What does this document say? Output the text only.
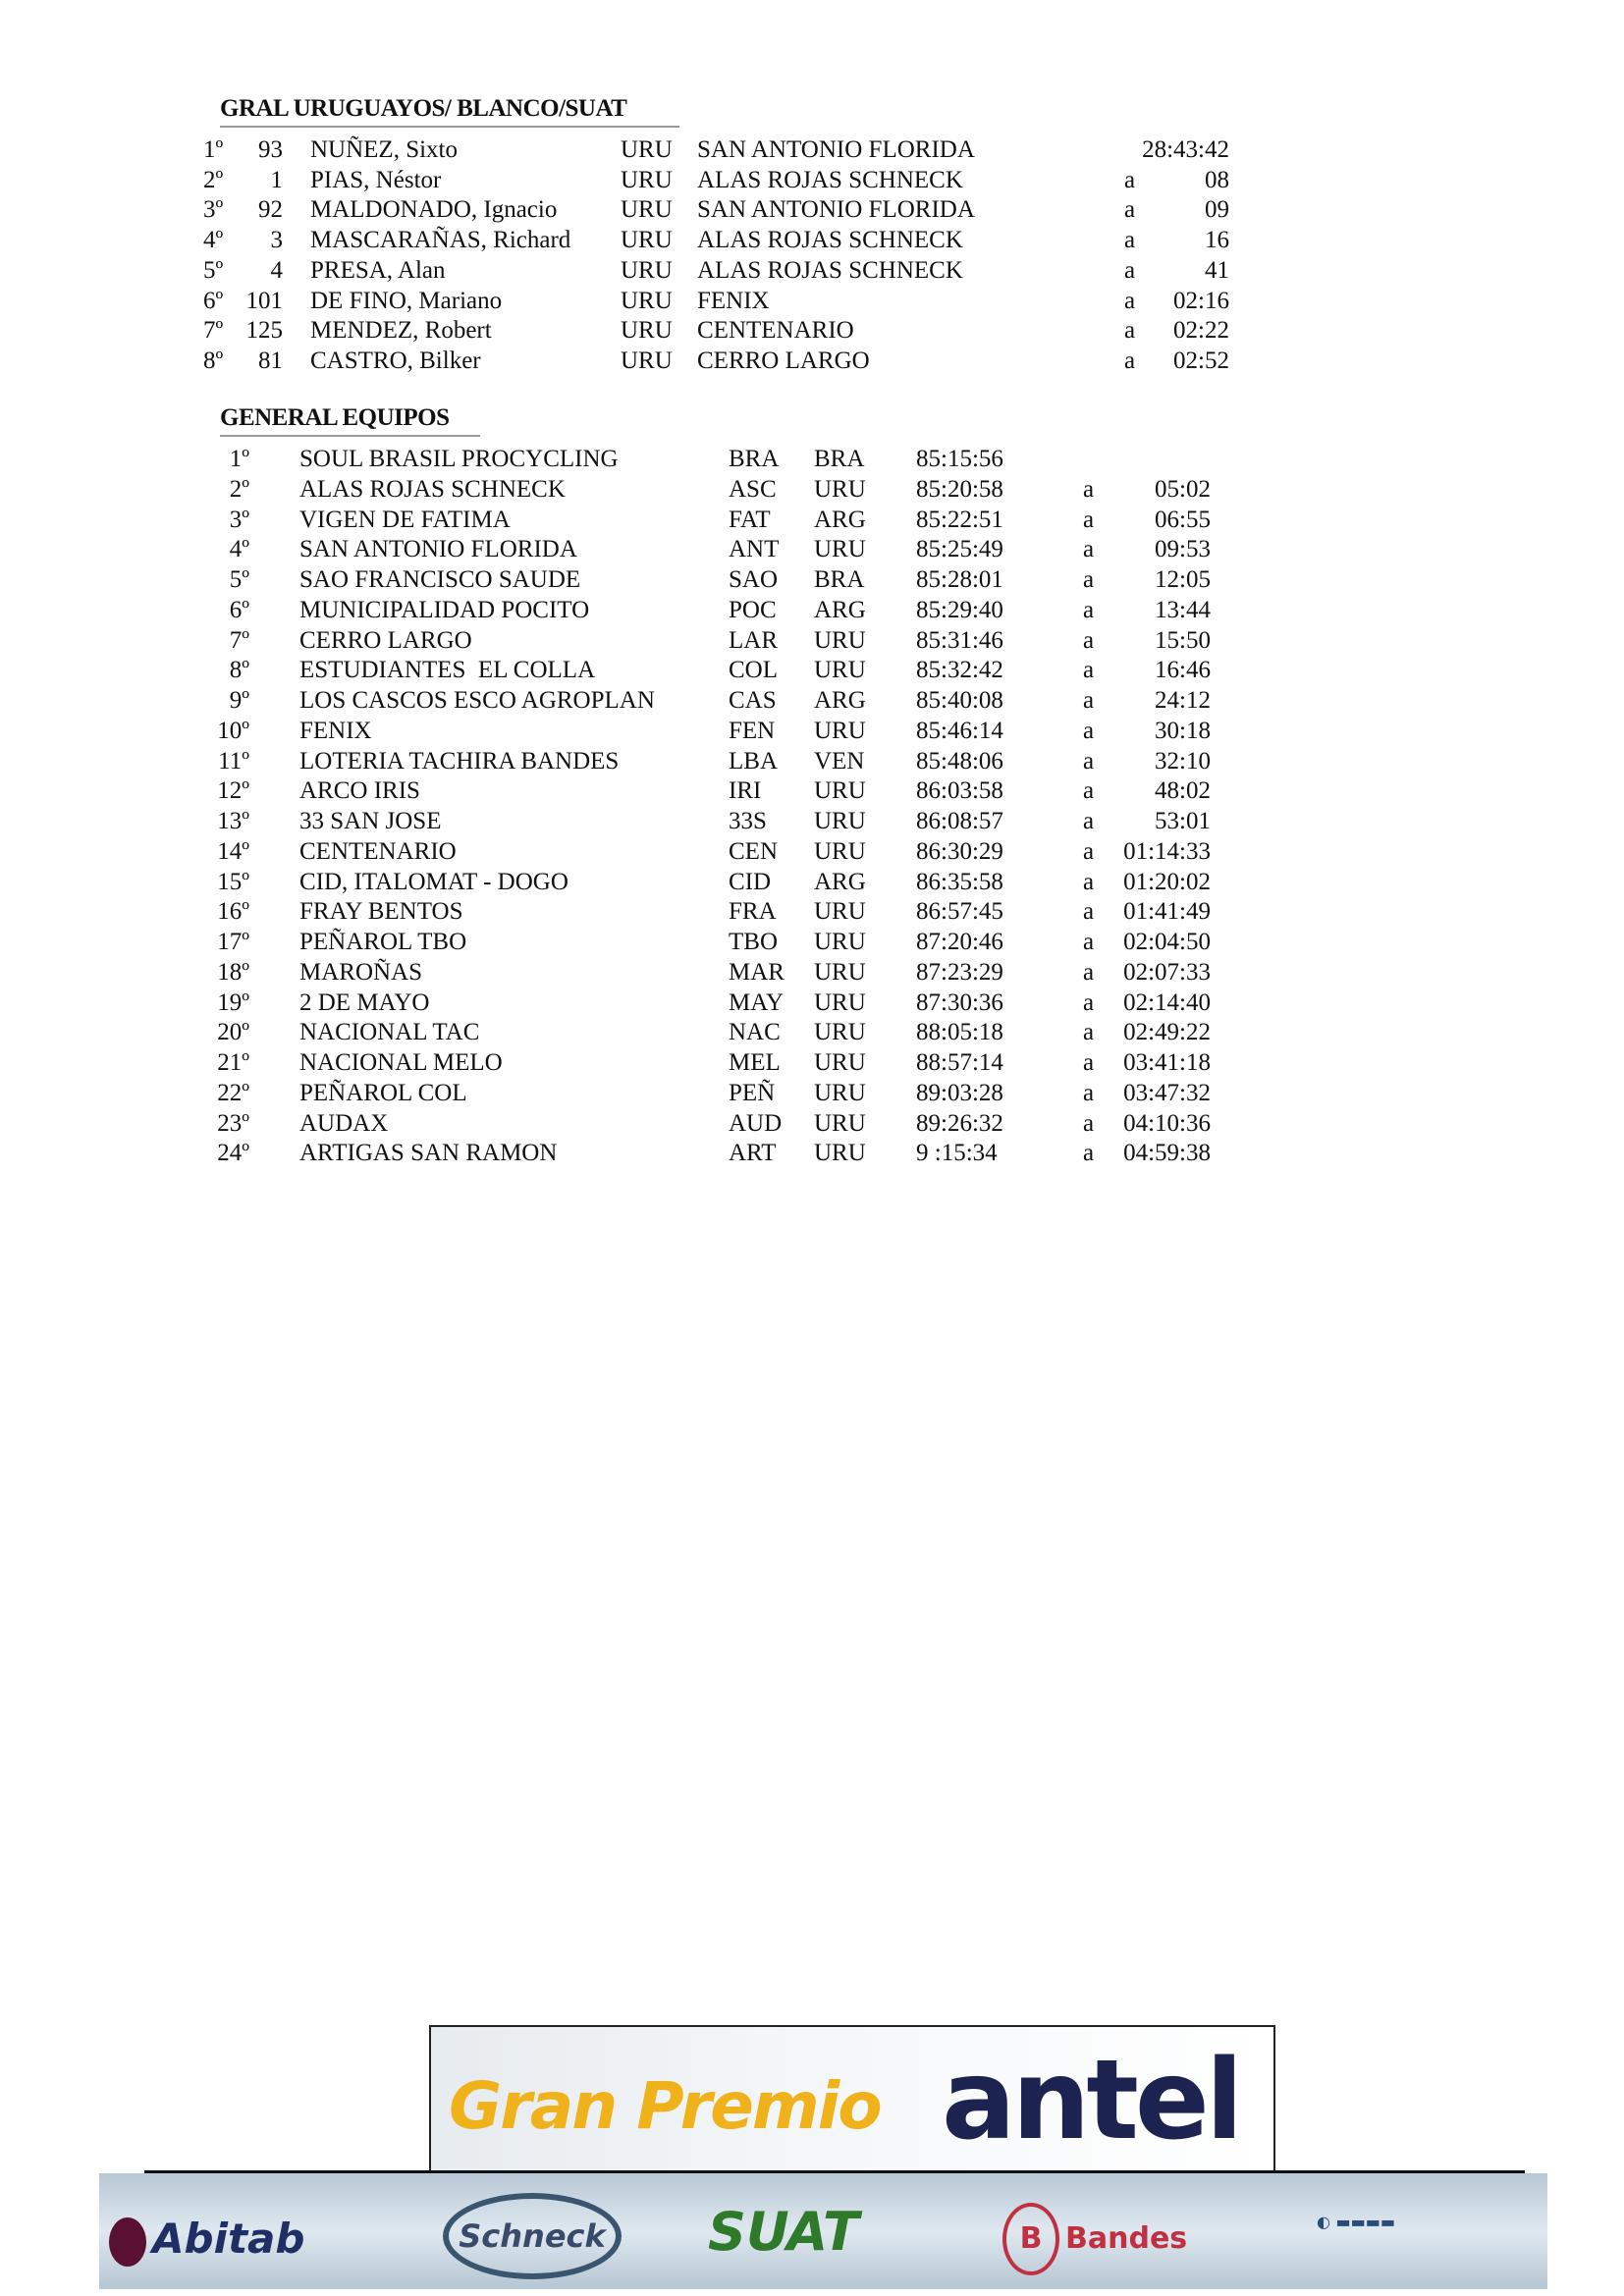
GRAL URUGUAYOS/ BLANCO/SUAT
1º 93 NUÑEZ, Sixto	URU SAN ANTONIO FLORIDA	28:43:42
2º 1 PIAS, Néstor	URU ALAS ROJAS SCHNECK	a	08
3º 92 MALDONADO, Ignacio	URU SAN ANTONIO FLORIDA	a	09
4º 3 MASCARAÑAS, Richard URU ALAS ROJAS SCHNECK	a	16
5º 4 PRESA, Alan	URU ALAS ROJAS SCHNECK	a	41
6º 101 DE FINO, Mariano	URU FENIX	a 02:16
7º 125 MENDEZ, Robert	URU CENTENARIO	a 02:22
8º 81 CASTRO, Bilker	URU CERRO LARGO	a 02:52
GENERAL EQUIPOS
1º SOUL BRASIL PROCYCLING	BRA BRA 85:15:56
2º ALAS ROJAS SCHNECK	ASC URU 85:20:58	a 05:02
3º VIGEN DE FATIMA	FAT ARG 85:22:51	a 06:55
4º SAN ANTONIO FLORIDA	ANT URU 85:25:49	a 09:53
5º SAO FRANCISCO SAUDE	SAO BRA 85:28:01	a 12:05
6º MUNICIPALIDAD POCITO	POC ARG 85:29:40	a 13:44
7º CERRO LARGO	LAR URU 85:31:46	a 15:50
8º ESTUDIANTES  EL COLLA	COL URU 85:32:42	a 16:46
9º LOS CASCOS ESCO AGROPLAN	CAS ARG 85:40:08	a 24:12
10º FENIX	FEN URU 85:46:14	a 30:18
11º LOTERIA TACHIRA BANDES	LBA VEN 85:48:06	a 32:10
12º ARCO IRIS	IRI URU 86:03:58	a 48:02
13º 33 SAN JOSE	33S URU 86:08:57	a 53:01
14º CENTENARIO	CEN URU 86:30:29	a 01:14:33
15º CID, ITALOMAT - DOGO	CID ARG 86:35:58	a 01:20:02
16º FRAY BENTOS	FRA URU 86:57:45	a 01:41:49
17º PEÑAROL TBO	TBO URU 87:20:46	a 02:04:50
18º MAROÑAS	MAR URU 87:23:29	a 02:07:33
19º 2 DE MAYO	MAY URU 87:30:36	a 02:14:40
20º NACIONAL TAC	NAC URU 88:05:18	a 02:49:22
21º NACIONAL MELO	MEL URU 88:57:14	a 03:41:18
22º PEÑAROL COL	PEÑ URU 89:03:28	a 03:47:32
23º AUDAX	AUD URU 89:26:32	a 04:10:36
24º ARTIGAS SAN RAMON	ART URU 9 :15:34	a 04:59:38
Gran Premio antel
Abitab	Schneck	SUAT	B Bandes	◐ ▬▬▬▬
